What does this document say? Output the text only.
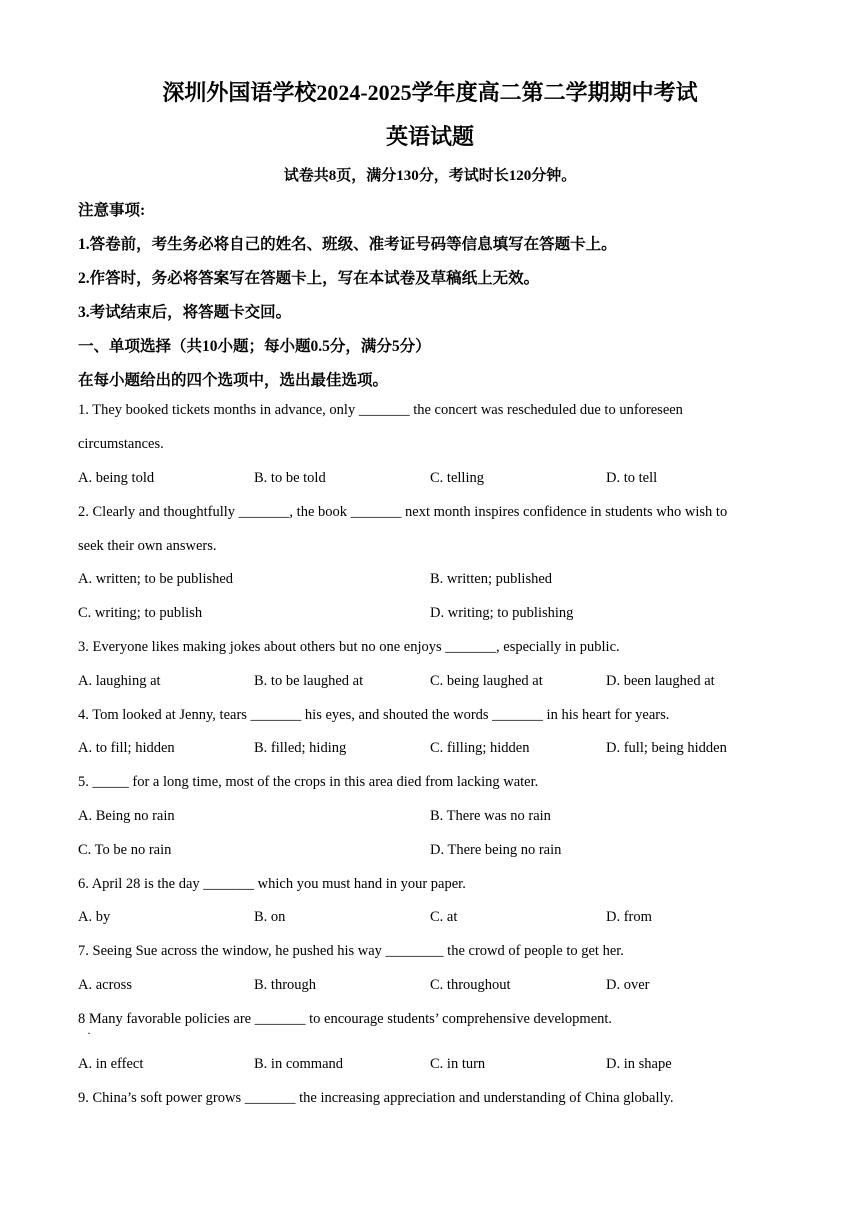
深圳外国语学校2024-2025学年度高二第二学期期中考试
英语试题
试卷共8页，满分130分，考试时长120分钟。
注意事项:
1.答卷前，考生务必将自己的姓名、班级、准考证号码等信息填写在答题卡上。
2.作答时，务必将答案写在答题卡上，写在本试卷及草稿纸上无效。
3.考试结束后，将答题卡交回。
一、单项选择（共10小题；每小题0.5分，满分5分）
在每小题给出的四个选项中，选出最佳选项。
1. They booked tickets months in advance, only _______ the concert was rescheduled due to unforeseen
circumstances.
A. being told	B. to be told	C. telling	D. to tell
2. Clearly and thoughtfully _______, the book _______ next month inspires confidence in students who wish to
seek their own answers.
A. written; to be published	B. written; published
C. writing; to publish	D. writing; to publishing
3. Everyone likes making jokes about others but no one enjoys _______, especially in public.
A. laughing at	B. to be laughed at	C. being laughed at	D. been laughed at
4. Tom looked at Jenny, tears _______ his eyes, and shouted the words _______ in his heart for years.
A. to fill; hidden	B. filled; hiding	C. filling; hidden	D. full; being hidden
5. _____ for a long time, most of the crops in this area died from lacking water.
A. Being no rain	B. There was no rain
C. To be no rain	D. There being no rain
6. April 28 is the day _______ which you must hand in your paper.
A. by	B. on	C. at	D. from
7. Seeing Sue across the window, he pushed his way ________ the crowd of people to get her.
A. across	B. through	C. throughout	D. over
8 Many favorable policies are _______ to encourage students’ comprehensive development.
·
A. in effect	B. in command	C. in turn	D. in shape
9. China’s soft power grows _______ the increasing appreciation and understanding of China globally.
